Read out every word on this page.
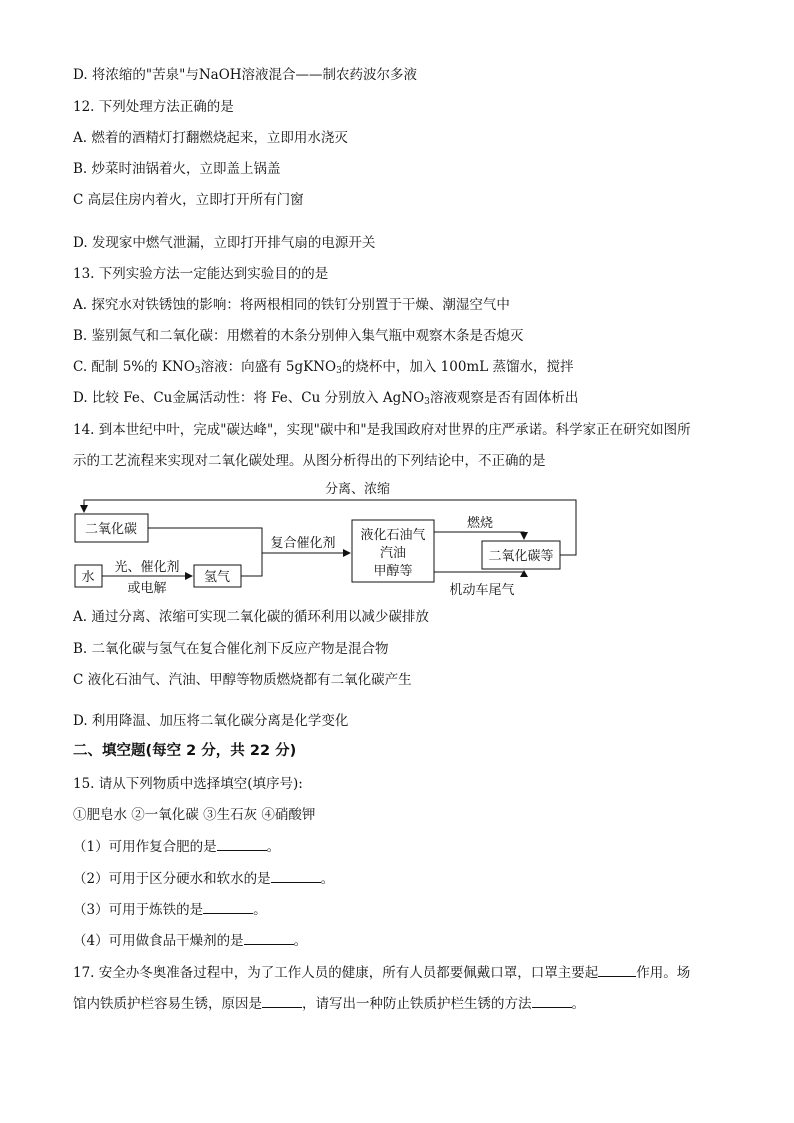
D. 将浓缩的"苦泉"与NaOH溶液混合——制农药波尔多液
12. 下列处理方法正确的是
A. 燃着的酒精灯打翻燃烧起来，立即用水浇灭
B. 炒菜时油锅着火，立即盖上锅盖
C 高层住房内着火，立即打开所有门窗
D. 发现家中燃气泄漏，立即打开排气扇的电源开关
13. 下列实验方法一定能达到实验目的的是
A. 探究水对铁锈蚀的影响：将两根相同的铁钉分别置于干燥、潮湿空气中
B. 鉴别氮气和二氧化碳：用燃着的木条分别伸入集气瓶中观察木条是否熄灭
C. 配制 5%的 $KNO_3$溶液：向盛有 5gKNO$_3$的烧杯中，加入 100mL 蒸馏水，搅拌
D. 比较 Fe、Cu金属活动性：将 Fe、Cu 分别放入 AgNO$_3$溶液观察是否有固体析出
14. 到本世纪中叶，完成"碳达峰"，实现"碳中和"是我国政府对世界的庄严承诺。科学家正在研究如图所
示的工艺流程来实现对二氧化碳处理。从图分析得出的下列结论中，不正确的是
分离、浓缩
二氧化碳
水
光、催化剂
或电解
氢气
复合催化剂
液化石油气
汽油
甲醇等
燃烧
二氧化碳等
机动车尾气
A. 通过分离、浓缩可实现二氧化碳的循环利用以减少碳排放
B. 二氧化碳与氢气在复合催化剂下反应产物是混合物
C 液化石油气、汽油、甲醇等物质燃烧都有二氧化碳产生
D. 利用降温、加压将二氧化碳分离是化学变化
二、填空题(每空 2 分，共 22 分)
15. 请从下列物质中选择填空(填序号):
①肥皂水 ②一氧化碳 ③生石灰 ④硝酸钾
（1）可用作复合肥的是	。
（2）可用于区分硬水和软水的是	。
（3）可用于炼铁的是	。
（4）可用做食品干燥剂的是	。
17. 安全办冬奥准备过程中，为了工作人员的健康，所有人员都要佩戴口罩，口罩主要起	作用。场
馆内铁质护栏容易生锈，原因是	，请写出一种防止铁质护栏生锈的方法	。
